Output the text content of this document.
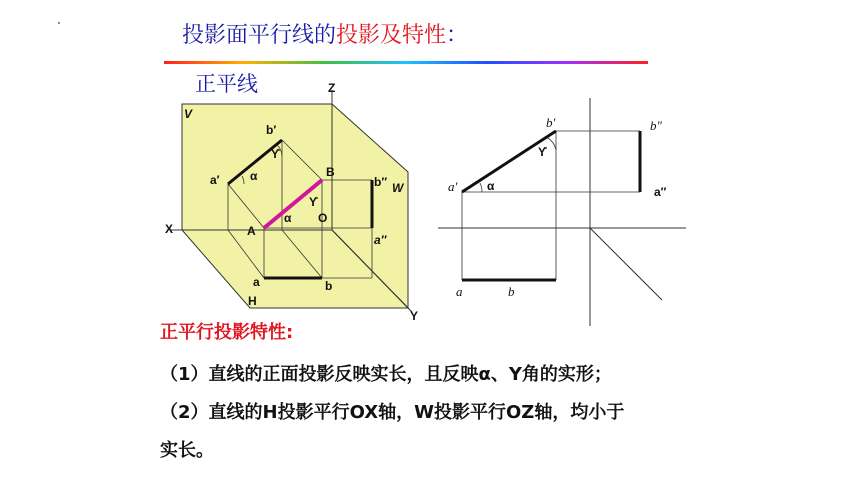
投影面平行线的投影及特性：
正平线
V
Z
W
X
H
Y
O
A
B
a	b
a′
b′
a″
b″
α
α
ϒ
ϒ
a′
b′	b″
a″
a	b
α
ϒ
正平行投影特性:
（1）直线的正面投影反映实长，且反映α、Y角的实形；
（2）直线的H投影平行OX轴，W投影平行OZ轴，均小于
实长。
